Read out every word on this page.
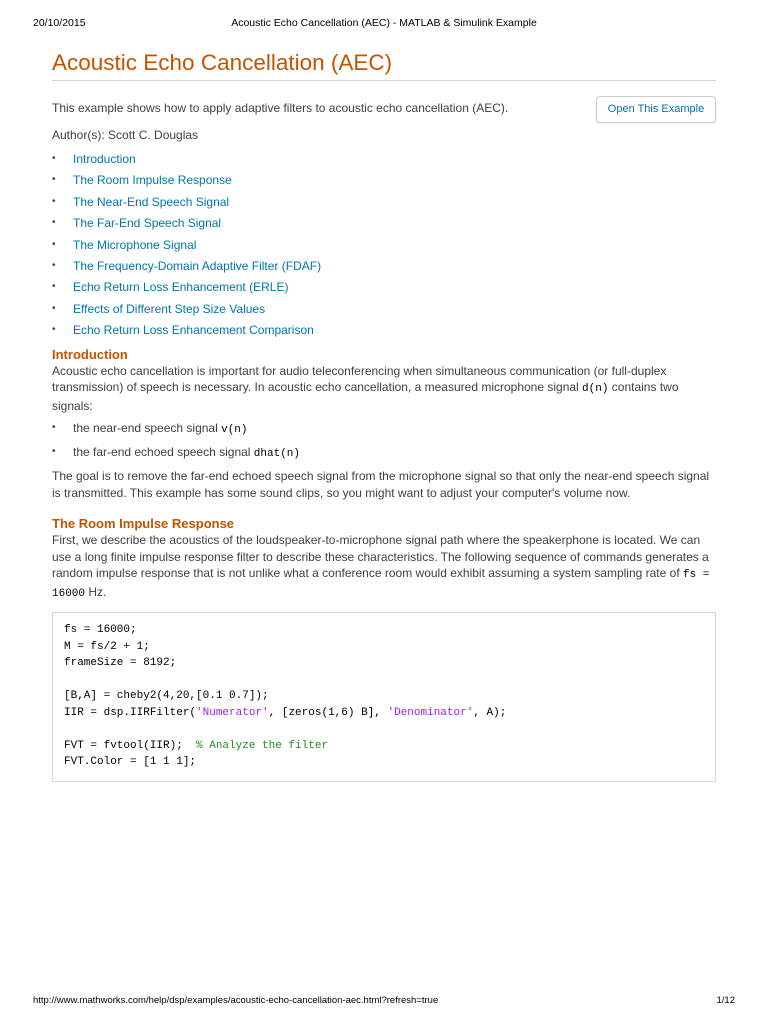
20/10/2015	Acoustic Echo Cancellation (AEC) - MATLAB & Simulink Example
Acoustic Echo Cancellation (AEC)
Open This Example

This example shows how to apply adaptive filters to acoustic echo cancellation (AEC).

Author(s): Scott C. Douglas

• Introduction
• The Room Impulse Response
• The Near-End Speech Signal
• The Far-End Speech Signal
• The Microphone Signal
• The Frequency-Domain Adaptive Filter (FDAF)
• Echo Return Loss Enhancement (ERLE)
• Effects of Different Step Size Values
• Echo Return Loss Enhancement Comparison
Introduction

Acoustic echo cancellation is important for audio teleconferencing when simultaneous communication (or full-duplex transmission) of speech is necessary. In acoustic echo cancellation, a measured microphone signal d(n) contains two signals:

• the near-end speech signal v(n)
• the far-end echoed speech signal dhat(n)

The goal is to remove the far-end echoed speech signal from the microphone signal so that only the near-end speech signal is transmitted. This example has some sound clips, so you might want to adjust your computer's volume now.

The Room Impulse Response

First, we describe the acoustics of the loudspeaker-to-microphone signal path where the speakerphone is located. We can use a long finite impulse response filter to describe these characteristics. The following sequence of commands generates a random impulse response that is not unlike what a conference room would exhibit assuming a system sampling rate of fs = 16000 Hz.

fs = 16000;
M = fs/2 + 1;
frameSize = 8192;
[B,A] = cheby2(4,20,[0.1 0.7]);
IIR = dsp.IIRFilter('Numerator', [zeros(1,6) B], 'Denominator', A);
FVT = fvtool(IIR);  % Analyze the filter
FVT.Color = [1 1 1];
http://www.mathworks.com/help/dsp/examples/acoustic-echo-cancellation-aec.html?refresh=true	1/12
